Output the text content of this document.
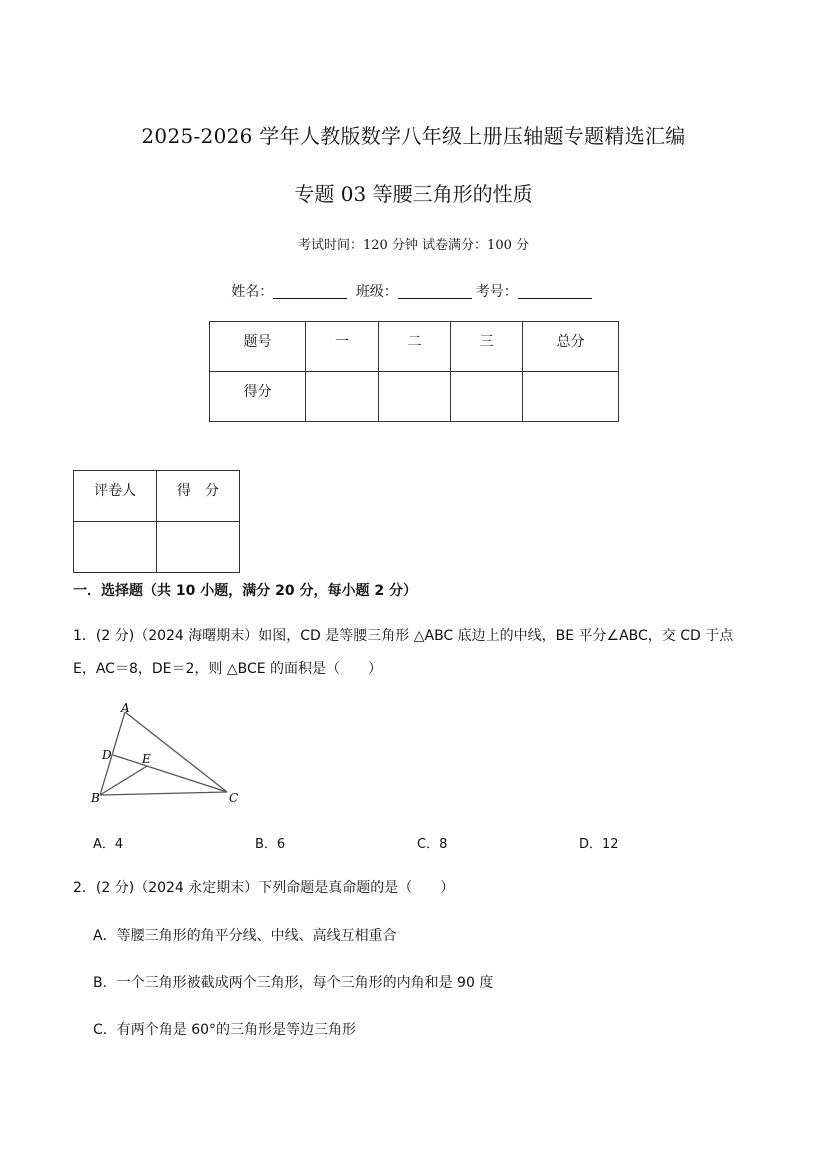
2025-2026 学年人教版数学八年级上册压轴题专题精选汇编
专题 03 等腰三角形的性质
考试时间：120 分钟 试卷满分：100 分
姓名：	班级：	考号：
题号	一	二	三	总分
得分				
评卷人	得　分

一．选择题（共 10 小题，满分 20 分，每小题 2 分）
1．(2 分)（2024 海曙期末）如图，CD 是等腰三角形 △ABC 底边上的中线，BE 平分∠ABC，交 CD 于点
E，AC＝8，DE＝2，则 △BCE 的面积是（　　）
A
B	C
D	E
A．4	B．6	C．8	D．12
2．(2 分)（2024 永定期末）下列命题是真命题的是（　　）
A．等腰三角形的角平分线、中线、高线互相重合
B．一个三角形被截成两个三角形，每个三角形的内角和是 90 度
C．有两个角是 60°的三角形是等边三角形
